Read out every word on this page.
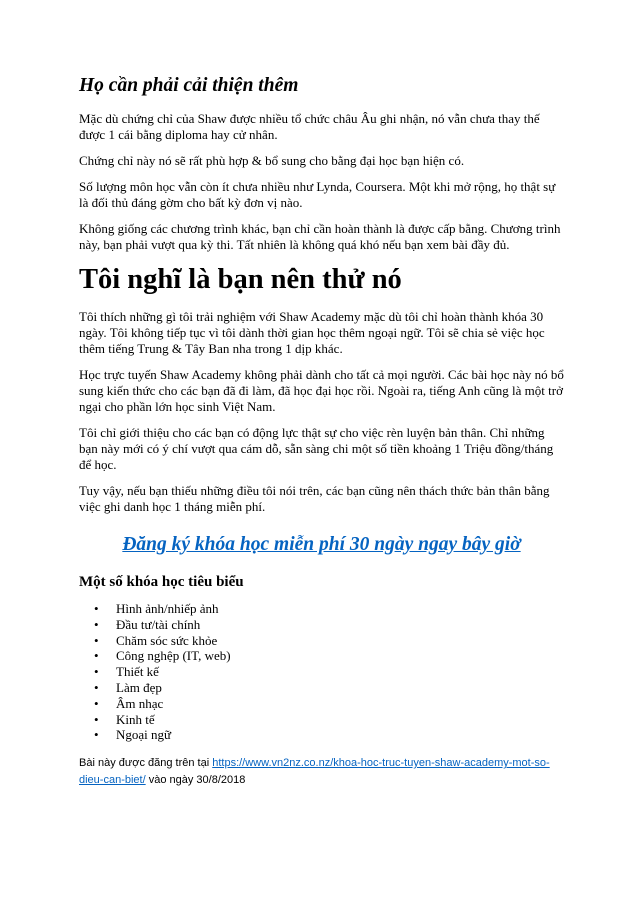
Họ cần phải cải thiện thêm

Mặc dù chứng chỉ của Shaw được nhiều tổ chức châu Âu ghi nhận, nó vẫn chưa thay thế được 1 cái bằng diploma hay cử nhân.

Chứng chỉ này nó sẽ rất phù hợp & bổ sung cho bằng đại học bạn hiện có.

Số lượng môn học vẫn còn ít chưa nhiều như Lynda, Coursera. Một khi mở rộng, họ thật sự là đối thủ đáng gờm cho bất kỳ đơn vị nào.

Không giống các chương trình khác, bạn chỉ cần hoàn thành là được cấp bằng. Chương trình này, bạn phải vượt qua kỳ thi. Tất nhiên là không quá khó nếu bạn xem bài đầy đủ.

Tôi nghĩ là bạn nên thử nó

Tôi thích những gì tôi trải nghiệm với Shaw Academy mặc dù tôi chỉ hoàn thành khóa 30 ngày. Tôi không tiếp tục vì tôi dành thời gian học thêm ngoại ngữ. Tôi sẽ chia sẻ việc học thêm tiếng Trung & Tây Ban nha trong 1 dịp khác.

Học trực tuyến Shaw Academy không phải dành cho tất cả mọi người. Các bài học này nó bổ sung kiến thức cho các bạn đã đi làm, đã học đại học rồi. Ngoài ra, tiếng Anh cũng là một trở ngại cho phần lớn học sinh Việt Nam.

Tôi chỉ giới thiệu cho các bạn có động lực thật sự cho việc rèn luyện bản thân. Chỉ những bạn này mới có ý chí vượt qua cám dỗ, sẵn sàng chi một số tiền khoảng 1 Triệu đồng/tháng để học.

Tuy vậy, nếu bạn thiếu những điều tôi nói trên, các bạn cũng nên thách thức bản thân bằng việc ghi danh học 1 tháng miễn phí.

Đăng ký khóa học miễn phí 30 ngày ngay bây giờ
Một số khóa học tiêu biểu
• Hình ảnh/nhiếp ảnh
• Đầu tư/tài chính
• Chăm sóc sức khỏe
• Công nghệp (IT, web)
• Thiết kế
• Làm đẹp
• Âm nhạc
• Kinh tế
• Ngoại ngữ

Bài này được đăng trên tại https://www.vn2nz.co.nz/khoa-hoc-truc-tuyen-shaw-academy-mot-so-dieu-can-biet/ vào ngày 30/8/2018
